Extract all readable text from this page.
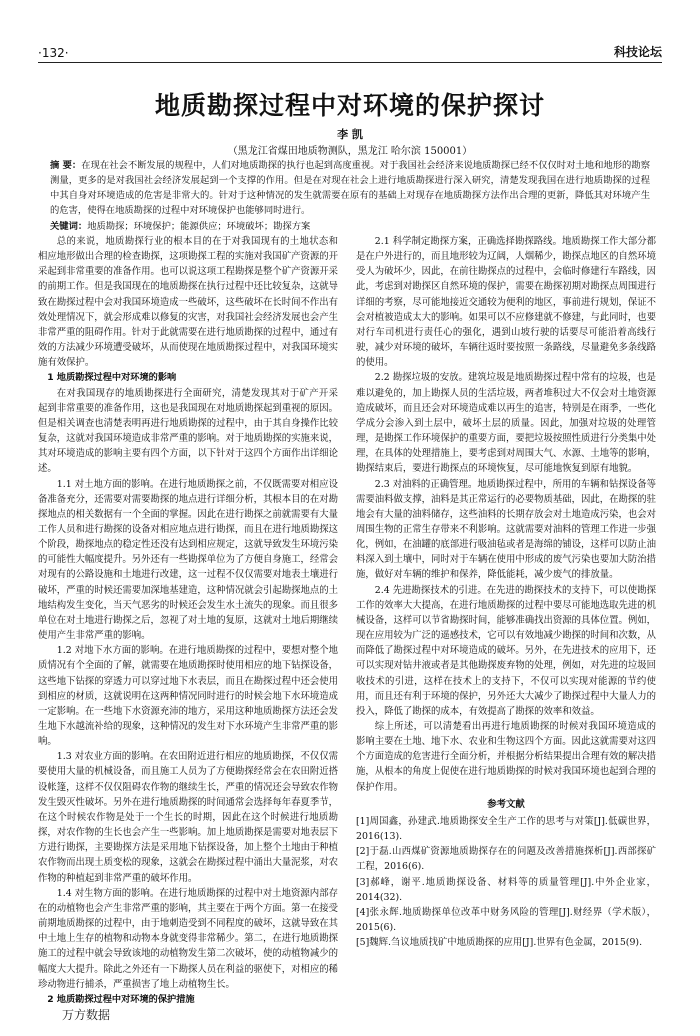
·132·	科技论坛
地质勘探过程中对环境的保护探讨
李 凯
（黑龙江省煤田地质物测队，黑龙江 哈尔滨 150001）
摘 要：在现在社会不断发展的规程中，人们对地质勘探的执行也起到高度重视。对于我国社会经济来说地质勘探已经不仅仅时对土地和地形的勘察测量，更多的是对我国社会经济发展起到一个支撑的作用。但是在对现在社会上进行地质勘探进行深入研究，清楚发现我国在进行地质勘探的过程中其自身对环境造成的危害是非常大的。针对于这种情况的发生就需要在原有的基础上对现存在地质勘探方法作出合理的更新，降低其对环境产生的危害，使得在地质勘探的过程中对环境保护也能够同时进行。
关键词：地质勘探；环境保护；能源供应；环境破坏；勘探方案

总的来说，地质勘探行业的根本目的在于对我国现有的土地状态和相应地形做出合理的检查勘探，这项勘探工程的实施对我国矿产资源的开采起到非常重要的准备作用。也可以说这项工程勘探是整个矿产资源开采的前期工作。但是我国现在的地质勘探在执行过程中还比较复杂，这就导致在勘探过程中会对我国环境造成一些破坏，这些破坏在长时间不作出有效处理情况下，就会形成难以修复的灾害，对我国社会经济发展也会产生非常严重的阻碍作用。针对于此就需要在进行地质勘探的过程中，通过有效的方法减少环境遭受破坏，从而使现在地质勘探过程中，对我国环境实施有效保护。

1 地质勘探过程中对环境的影响

在对我国现存的地质勘探进行全面研究，清楚发现其对于矿产开采起到非常重要的准备作用，这也是我国现在对地质勘探起到重视的原因。但是相关调查也清楚表明再进行地质勘探的过程中，由于其自身操作比较复杂，这就对我国环境造成非常严重的影响。对于地质勘探的实施来说，其对环境造成的影响主要有四个方面，以下针对于这四个方面作出详细论述。

1.1 对土地方面的影响。在进行地质勘探之前，不仅既需要对相应设备准备充分，还需要对需要勘探的地点进行详细分析，其根本目的在对勘探地点的相关数据有一个全面的掌握。因此在进行勘探之前就需要有大量工作人员和进行勘探的设备对相应地点进行勘探，而且在进行地质勘探这个阶段，勘探地点的稳定性还没有达到相应规定，这就导致发生环境污染的可能性大幅度提升。另外还有一些勘探单位为了方便自身施工，经常会对现有的公路设施和土地进行改建，这一过程不仅仅需要对地表土壤进行破坏，严重的时候还需要加深地基建造，这种情况就会引起勘探地点的土地结构发生变化，当天气恶劣的时候还会发生水土流失的现象。而且很多单位在对土地进行勘探之后，忽视了对土地的复原，这就对土地后期继续使用产生非常严重的影响。

1.2 对地下水方面的影响。在进行地质勘探的过程中，要想对整个地质情况有个全面的了解，就需要在地质勘探时使用相应的地下钻探设备，这些地下钻探的穿透力可以穿过地下水表层，而且在勘探过程中还会使用到相应的材质，这就说明在这两种情况同时进行的时候会地下水环境造成一定影响。在一些地下水资源充沛的地方，采用这种地质勘探方法还会发生地下水越流补给的现象，这种情况的发生对下水环境产生非常严重的影响。

1.3 对农业方面的影响。在农田附近进行相应的地质勘探，不仅仅需要使用大量的机械设备，而且施工人员为了方便勘探经常会在农田附近搭设帐篷，这样不仅仅阻碍农作物的继续生长，严重的情况还会导致农作物发生毁灭性破坏。另外在进行地质勘探的时间通常会选择每年春夏季节，在这个时候农作物是处于一个生长的时期，因此在这个时候进行地质勘探，对农作物的生长也会产生一些影响。加上地质勘探是需要对地表层下方进行勘探，主要勘探方法是采用地下钻探设备，加上整个土地由于种植农作物而出现土质变松的现象，这就会在勘探过程中涌出大量泥浆，对农作物的种植起到非常严重的破坏作用。

1.4 对生物方面的影响。在进行地质勘探的过程中对土地资源内部存在的动植物也会产生非常严重的影响，其主要在于两个方面。第一在接受前期地质勘探的过程中，由于地刺造受到不同程度的破坏，这就导致在其中土地上生存的植物和动物本身就变得非常稀少。第二，在进行地质勘探施工的过程中就会导致该地的动植物发生第二次破坏，使的动植物减少的幅度大大提升。除此之外还有一下勘探人员在利益的驱使下，对相应的稀珍动物进行捕杀，严重损害了地上动植物生长。

2 地质勘探过程中对环境的保护措施

2.1 科学制定勘探方案，正确选择勘探路线。地质勘探工作大部分都是在户外进行的，而且地形较为辽阔，人烟稀少，勘探点地区的自然环境受人为破坏少，因此，在前往勘探点的过程中，会临时修建行车路线，因此，考虑到对勘探区自然环境的保护，需要在勘探初期对勘探点周围进行详细的考察，尽可能地接近交通较为便利的地区，事前进行规划，保证不会对植被造成太大的影响。如果可以不应修建就不修建，与此同时，也要对行车司机进行责任心的强化，遇到山坡行驶的话要尽可能沿着高线行驶，减少对环境的破坏，车辆往返时要按照一条路线，尽量避免多条线路的使用。

2.2 勘探垃圾的安放。建筑垃圾是地质勘探过程中常有的垃圾，也是难以避免的，加上勘探人员的生活垃圾，两者堆积过大不仅会对土地资源造成破坏，而且还会对环境造成难以再生的追害，特别是在雨季，一些化学成分会渗入到土层中，破坏土层的质量。因此，加强对垃圾的处理管理，是勘探工作环境保护的重要方面，要把垃圾按照性质进行分类集中处理，在具体的处理措施上，要考虑到对周围大气、水源、土地等的影响，勘探结束后，要进行勘探点的环境恢复，尽可能地恢复到原有地貌。

2.3 对油料的正确管理。地质勘探过程中，所用的车辆和钻探设备等需要油料做支撑，油料是其正常运行的必要物质基础，因此，在勘探的驻地会有大量的油料储存，这些油料的长期存放会对土地造成污染，也会对周围生物的正常生存带来不利影响。这就需要对油料的管理工作进一步强化，例如，在油罐的底部进行吸油毡或者是海绵的铺设，这样可以防止油料深入到土壤中，同时对于车辆在使用中形成的废气污染也要加大防治措施，做好对车辆的维护和保养，降低能耗，减少废气的排放量。

2.4 先进勘探技术的引进。在先进的勘探技术的支持下，可以使勘探工作的效率大大提高，在进行地质勘探的过程中要尽可能地选取先进的机械设备，这样可以节省勘探时间，能够准确找出资源的具体位置。例如，现在应用较为广泛的遥感技术，它可以有效地减少勘探的时间和次数，从而降低了勘探过程中对环境造成的破坏。另外，在先进技术的应用下，还可以实现对钻井液或者是其他勘探废弃物的处理，例如，对先进的垃圾回收技术的引进，这样在技术上的支持下，不仅可以实现对能源的节约使用，而且还有利于环境的保护，另外还大大减少了勘探过程中大量人力的投入，降低了勘探的成本，有效提高了勘探的效率和效益。

综上所述，可以清楚看出再进行地质勘探的时候对我国环境造成的影响主要在土地、地下水、农业和生物这四个方面。因此这就需要对这四个方面造成的危害进行全面分析，并根据分析结果提出合理有效的解决措施，从根本的角度上促使在进行地质勘探的时候对我国环境也起到合理的保护作用。

参考文献

[1]周国鑫，孙建武.地质勘探安全生产工作的思考与对策[J].低碳世界，2016(13).

[2]于磊.山西煤矿资源地质勘探存在的问题及改善措施探析[J].西部探矿工程，2016(6).

[3]郝峰，谢平.地质勘探设备、材料等的质量管理[J].中外企业家，2014(32).

[4]张永辉.地质勘探单位改革中财务风险的管理[J].财经界（学术版），2015(6).

[5]魏辉.刍议地质找矿中地质勘探的应用[J].世界有色金属，2015(9).

万方数据
